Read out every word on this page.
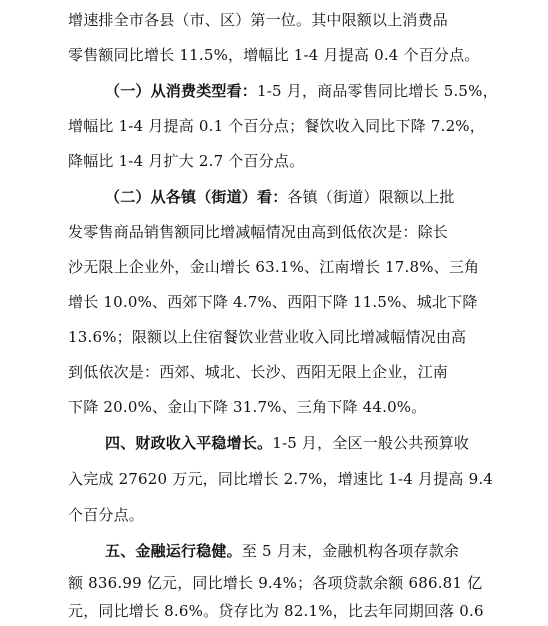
增速排全市各县（市、区）第一位。其中限额以上消费品
零售额同比增长 11.5%，增幅比 1-4 月提高 0.4 个百分点。
（一）从消费类型看：1-5 月，商品零售同比增长 5.5%，
增幅比 1-4 月提高 0.1 个百分点；餐饮收入同比下降 7.2%，
降幅比 1-4 月扩大 2.7 个百分点。
（二）从各镇（街道）看：各镇（街道）限额以上批
发零售商品销售额同比增减幅情况由高到低依次是：除长
沙无限上企业外，金山增长 63.1%、江南增长 17.8%、三角
增长 10.0%、西郊下降 4.7%、西阳下降 11.5%、城北下降
13.6%；限额以上住宿餐饮业营业收入同比增减幅情况由高
到低依次是：西郊、城北、长沙、西阳无限上企业，江南
下降 20.0%、金山下降 31.7%、三角下降 44.0%。
四、财政收入平稳增长。1-5 月，全区一般公共预算收
入完成 27620 万元，同比增长 2.7%，增速比 1-4 月提高 9.4
个百分点。
五、金融运行稳健。至 5 月末，金融机构各项存款余
额 836.99 亿元，同比增长 9.4%；各项贷款余额 686.81 亿
元，同比增长 8.6%。贷存比为 82.1%，比去年同期回落 0.6
